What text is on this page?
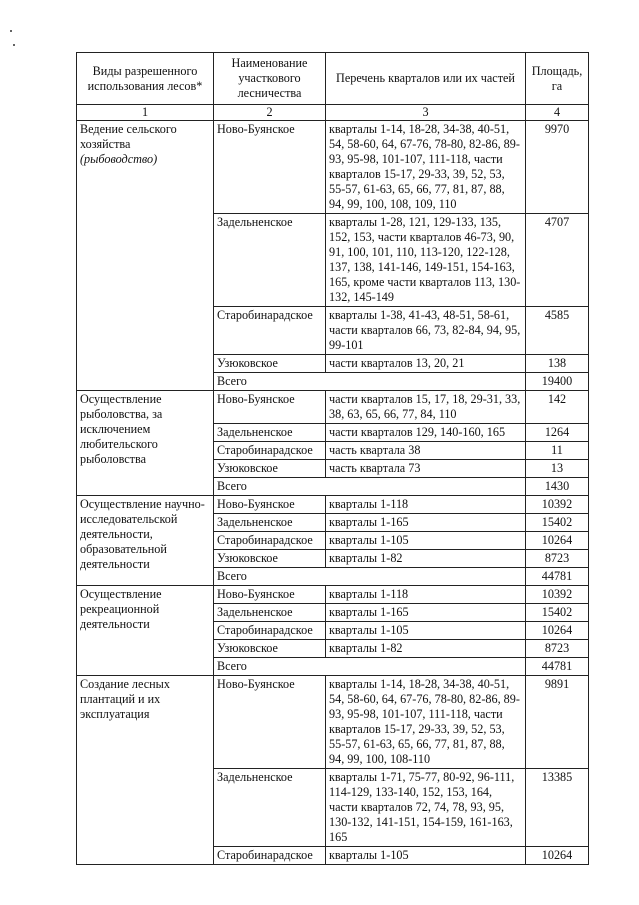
Виды разрешенного использования лесов*	Наименование участкового лесничества	Перечень кварталов или их частей	Площадь, га
1	2	3	4
Ведение сельского хозяйства
(рыбоводство)	Ново-Буянское	кварталы 1-14, 18-28, 34-38, 40-51, 54, 58-60, 64, 67-76, 78-80, 82-86, 89-93, 95-98, 101-107, 111-118, части кварталов 15-17, 29-33, 39, 52, 53, 55-57, 61-63, 65, 66, 77, 81, 87, 88, 94, 99, 100, 108, 109, 110	9970
	Задельненское	кварталы 1-28, 121, 129-133, 135, 152, 153, части кварталов 46-73, 90, 91, 100, 101, 110, 113-120, 122-128, 137, 138, 141-146, 149-151, 154-163, 165, кроме части кварталов 113, 130-132, 145-149	4707
	Старобинарадское	кварталы 1-38, 41-43, 48-51, 58-61, части кварталов 66, 73, 82-84, 94, 95, 99-101	4585
	Узюковское	части кварталов 13, 20, 21	138
	Всего		19400
Осуществление рыболовства, за исключением любительского рыболовства	Ново-Буянское	части кварталов 15, 17, 18, 29-31, 33, 38, 63, 65, 66, 77, 84, 110	142
	Задельненское	части кварталов 129, 140-160, 165	1264
	Старобинарадское	часть квартала 38	11
	Узюковское	часть квартала 73	13
	Всего		1430
Осуществление научно-исследовательской деятельности, образовательной деятельности	Ново-Буянское	кварталы 1-118	10392
	Задельненское	кварталы 1-165	15402
	Старобинарадское	кварталы 1-105	10264
	Узюковское	кварталы 1-82	8723
	Всего		44781
Осуществление рекреационной деятельности	Ново-Буянское	кварталы 1-118	10392
	Задельненское	кварталы 1-165	15402
	Старобинарадское	кварталы 1-105	10264
	Узюковское	кварталы 1-82	8723
	Всего		44781
Создание лесных плантаций и их эксплуатация	Ново-Буянское	кварталы 1-14, 18-28, 34-38, 40-51, 54, 58-60, 64, 67-76, 78-80, 82-86, 89-93, 95-98, 101-107, 111-118, части кварталов 15-17, 29-33, 39, 52, 53, 55-57, 61-63, 65, 66, 77, 81, 87, 88, 94, 99, 100, 108-110	9891
	Задельненское	кварталы 1-71, 75-77, 80-92, 96-111, 114-129, 133-140, 152, 153, 164, части кварталов 72, 74, 78, 93, 95, 130-132, 141-151, 154-159, 161-163, 165	13385
	Старобинарадское	кварталы 1-105	10264
